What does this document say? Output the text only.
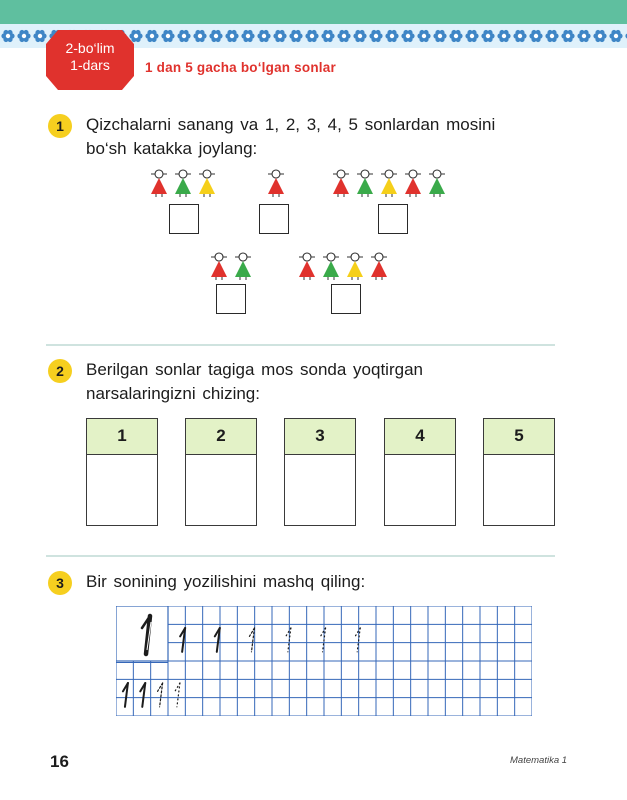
2-bo‘lim
1-dars	1 dan 5 gacha bo‘lgan sonlar
1	Qizchalarni sanang va 1, 2, 3, 4, 5 sonlardan mosini
bo‘sh katakka joylang:
2	Berilgan sonlar tagiga mos sonda yoqtirgan
narsalaringizni chizing:
1	2	3	4	5
3	Bir sonining yozilishini mashq qiling:
16	Matematika 1
